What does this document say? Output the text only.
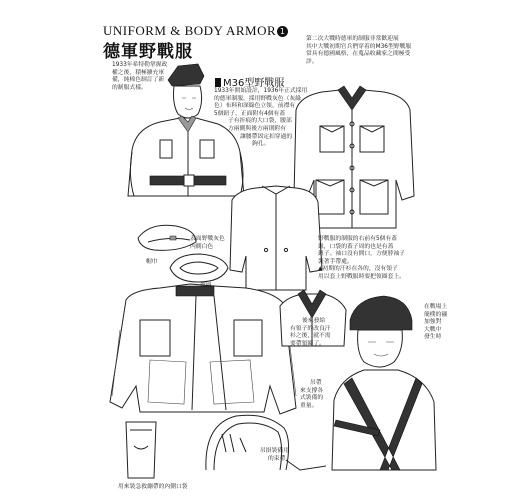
UNIFORM & BODY ARMOR 1
德軍野戰服
1933年希特勒掌握政
權之後，積極擴充軍
備，純棉色制訂了新
的制服式樣。	M36型野戰服
1933年開始設計，1936年正式採用
的德軍制服，採用野戰灰色（灰綠
色）布料和深綠色立領，前襟有
5個鈕子，正面附有4個有蓋
子有折痕的大口袋，腰部
方兩側與後方兩則附有
讓腰帶固定扣穿過的
鉤孔。
第二次大戰時德軍的制服非常歡迎展
其中大戰初期官兵們穿着的M36型野戰服
常具有德國風格，在蒐品收藏家之間極受
評。
表面野戰灰色
內側白色
帽巾
領圈
野戰服的制服的右前有5個有蓋
鈕，口袋的蓋子周的也是有蓋
鈕子。袖口沒有開口，方便脖袖子
裝著手帶處。
▲初期的汗衫在各的，沒有領子
用以套上野戰服時要把領圈套上。
後來發給
有領子的改良汗
衫之後，就不需
要帶領圈了。
在戰場上
簡樸的襯
加強對
大戰中
發生時
吊帶
來支撐各
式裝備的
重量。
吊掛裝備用
的束帶
用來裝急救繃帶的內側口袋
